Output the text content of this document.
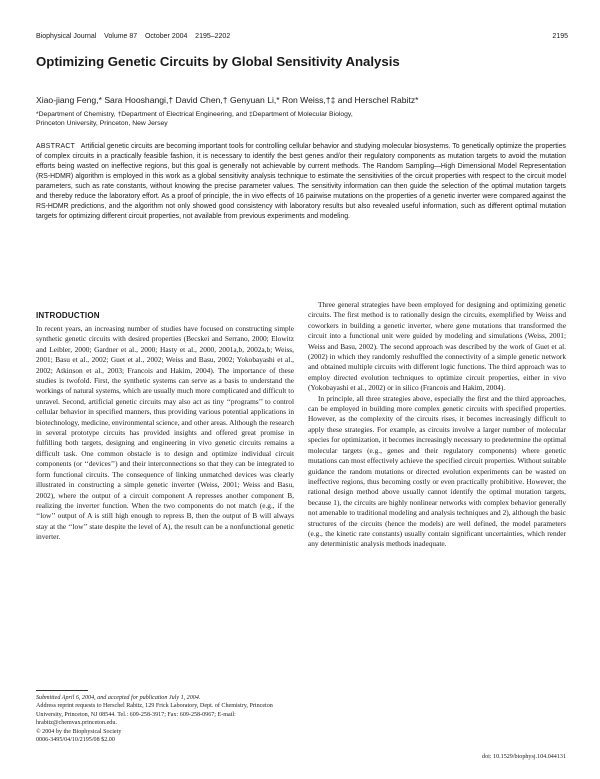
Biophysical Journal Volume 87 October 2004 2195–2202	2195
Optimizing Genetic Circuits by Global Sensitivity Analysis
Xiao-jiang Feng,* Sara Hooshangi,† David Chen,† Genyuan Li,* Ron Weiss,†‡ and Herschel Rabitz*
*Department of Chemistry, †Department of Electrical Engineering, and ‡Department of Molecular Biology,
Princeton University, Princeton, New Jersey

ABSTRACT Artificial genetic circuits are becoming important tools for controlling cellular behavior and studying molecular biosystems. To genetically optimize the properties of complex circuits in a practically feasible fashion, it is necessary to identify the best genes and/or their regulatory components as mutation targets to avoid the mutation efforts being wasted on ineffective regions, but this goal is generally not achievable by current methods. The Random Sampling—High Dimensional Model Representation (RS-HDMR) algorithm is employed in this work as a global sensitivity analysis technique to estimate the sensitivities of the circuit properties with respect to the circuit model parameters, such as rate constants, without knowing the precise parameter values. The sensitivity information can then guide the selection of the optimal mutation targets and thereby reduce the laboratory effort. As a proof of principle, the in vivo effects of 16 pairwise mutations on the properties of a genetic inverter were compared against the RS-HDMR predictions, and the algorithm not only showed good consistency with laboratory results but also revealed useful information, such as different optimal mutation targets for optimizing different circuit properties, not available from previous experiments and modeling.

INTRODUCTION

In recent years, an increasing number of studies have focused on constructing simple synthetic genetic circuits with desired properties (Becskei and Serrano, 2000; Elowitz and Leibler, 2000; Gardner et al., 2000; Hasty et al., 2000, 2001a,b, 2002a,b; Weiss, 2001; Basu et al., 2002; Guet et al., 2002; Weiss and Basu, 2002; Yokobayashi et al., 2002; Atkinson et al., 2003; Francois and Hakim, 2004). The importance of these studies is twofold. First, the synthetic systems can serve as a basis to understand the workings of natural systems, which are usually much more complicated and difficult to unravel. Second, artificial genetic circuits may also act as tiny ‘‘programs’’ to control cellular behavior in specified manners, thus providing various potential applications in biotechnology, medicine, environmental science, and other areas. Although the research in several prototype circuits has provided insights and offered great promise in fulfilling both targets, designing and engineering in vivo genetic circuits remains a difficult task. One common obstacle is to design and optimize individual circuit components (or ‘‘devices’’) and their interconnections so that they can be integrated to form functional circuits. The consequence of linking unmatched devices was clearly illustrated in constructing a simple genetic inverter (Weiss, 2001; Weiss and Basu, 2002), where the output of a circuit component A represses another component B, realizing the inverter function. When the two components do not match (e.g., if the ‘‘low’’ output of A is still high enough to repress B, then the output of B will always stay at the ‘‘low’’ state despite the level of A), the result can be a nonfunctional genetic inverter.

Three general strategies have been employed for designing and optimizing genetic circuits. The first method is to rationally design the circuits, exemplified by Weiss and coworkers in building a genetic inverter, where gene mutations that transformed the circuit into a functional unit were guided by modeling and simulations (Weiss, 2001; Weiss and Basu, 2002). The second approach was described by the work of Guet et al. (2002) in which they randomly reshuffled the connectivity of a simple genetic network and obtained multiple circuits with different logic functions. The third approach was to employ directed evolution techniques to optimize circuit properties, either in vivo (Yokobayashi et al., 2002) or in silico (Francois and Hakim, 2004).

In principle, all three strategies above, especially the first and the third approaches, can be employed in building more complex genetic circuits with specified properties. However, as the complexity of the circuits rises, it becomes increasingly difficult to apply these strategies. For example, as circuits involve a larger number of molecular species for optimization, it becomes increasingly necessary to predetermine the optimal molecular targets (e.g., genes and their regulatory components) where genetic mutations can most effectively achieve the specified circuit properties. Without suitable guidance the random mutations or directed evolution experiments can be wasted on ineffective regions, thus becoming costly or even practically prohibitive. However, the rational design method above usually cannot identify the optimal mutation targets, because 1), the circuits are highly nonlinear networks with complex behavior generally not amenable to traditional modeling and analysis techniques and 2), although the basic structures of the circuits (hence the models) are well defined, the model parameters (e.g., the kinetic rate constants) usually contain significant uncertainties, which render any deterministic analysis methods inadequate.

Submitted April 6, 2004, and accepted for publication July 1, 2004.
Address reprint requests to Herschel Rabitz, 129 Frick Laboratory, Dept. of Chemistry, Princeton University, Princeton, NJ 08544. Tel.: 609-258-3917; Fax: 609-258-0967; E-mail: hrabitz@chemvax.princeton.edu.
© 2004 by the Biophysical Society
0006-3495/04/10/2195/08 $2.00
doi: 10.1529/biophysj.104.044131
